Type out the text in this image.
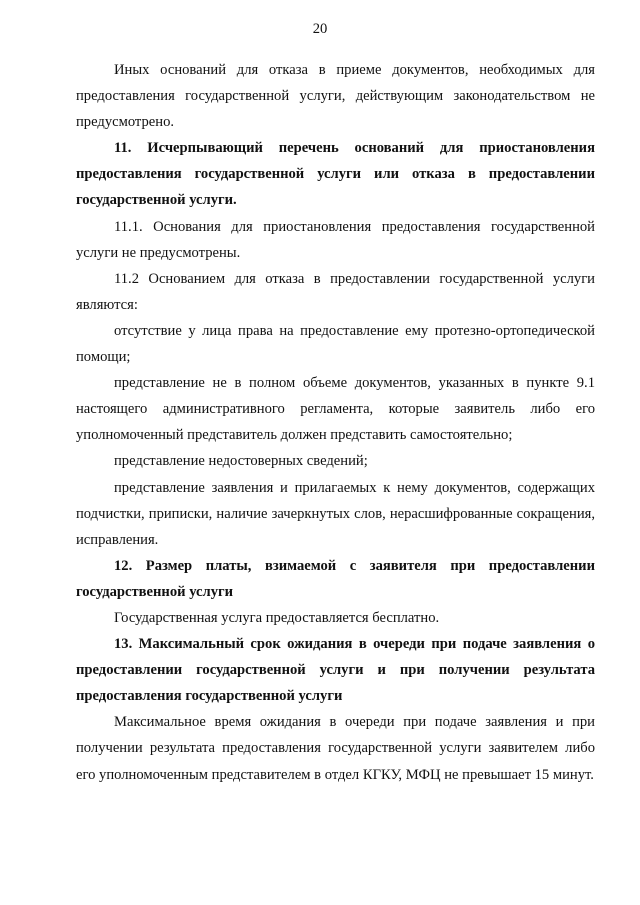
20

Иных оснований для отказа в приеме документов, необходимых для предоставления государственной услуги, действующим законодательством не предусмотрено.

11. Исчерпывающий перечень оснований для приостановления предоставления государственной услуги или отказа в предоставлении государственной услуги.

11.1. Основания для приостановления предоставления государственной услуги не предусмотрены.

11.2 Основанием для отказа в предоставлении государственной услуги являются:

отсутствие у лица права на предоставление ему протезно-ортопедической помощи;

представление не в полном объеме документов, указанных в пункте 9.1 настоящего административного регламента, которые заявитель либо его уполномоченный представитель должен представить самостоятельно;

представление недостоверных сведений;

представление заявления и прилагаемых к нему документов, содержащих подчистки, приписки, наличие зачеркнутых слов, нерасшифрованные сокращения, исправления.

12. Размер платы, взимаемой с заявителя при предоставлении государственной услуги

Государственная услуга предоставляется бесплатно.

13. Максимальный срок ожидания в очереди при подаче заявления о предоставлении государственной услуги и при получении результата предоставления государственной услуги

Максимальное время ожидания в очереди при подаче заявления и при получении результата предоставления государственной услуги заявителем либо его уполномоченным представителем в отдел КГКУ, МФЦ не превышает 15 минут.
